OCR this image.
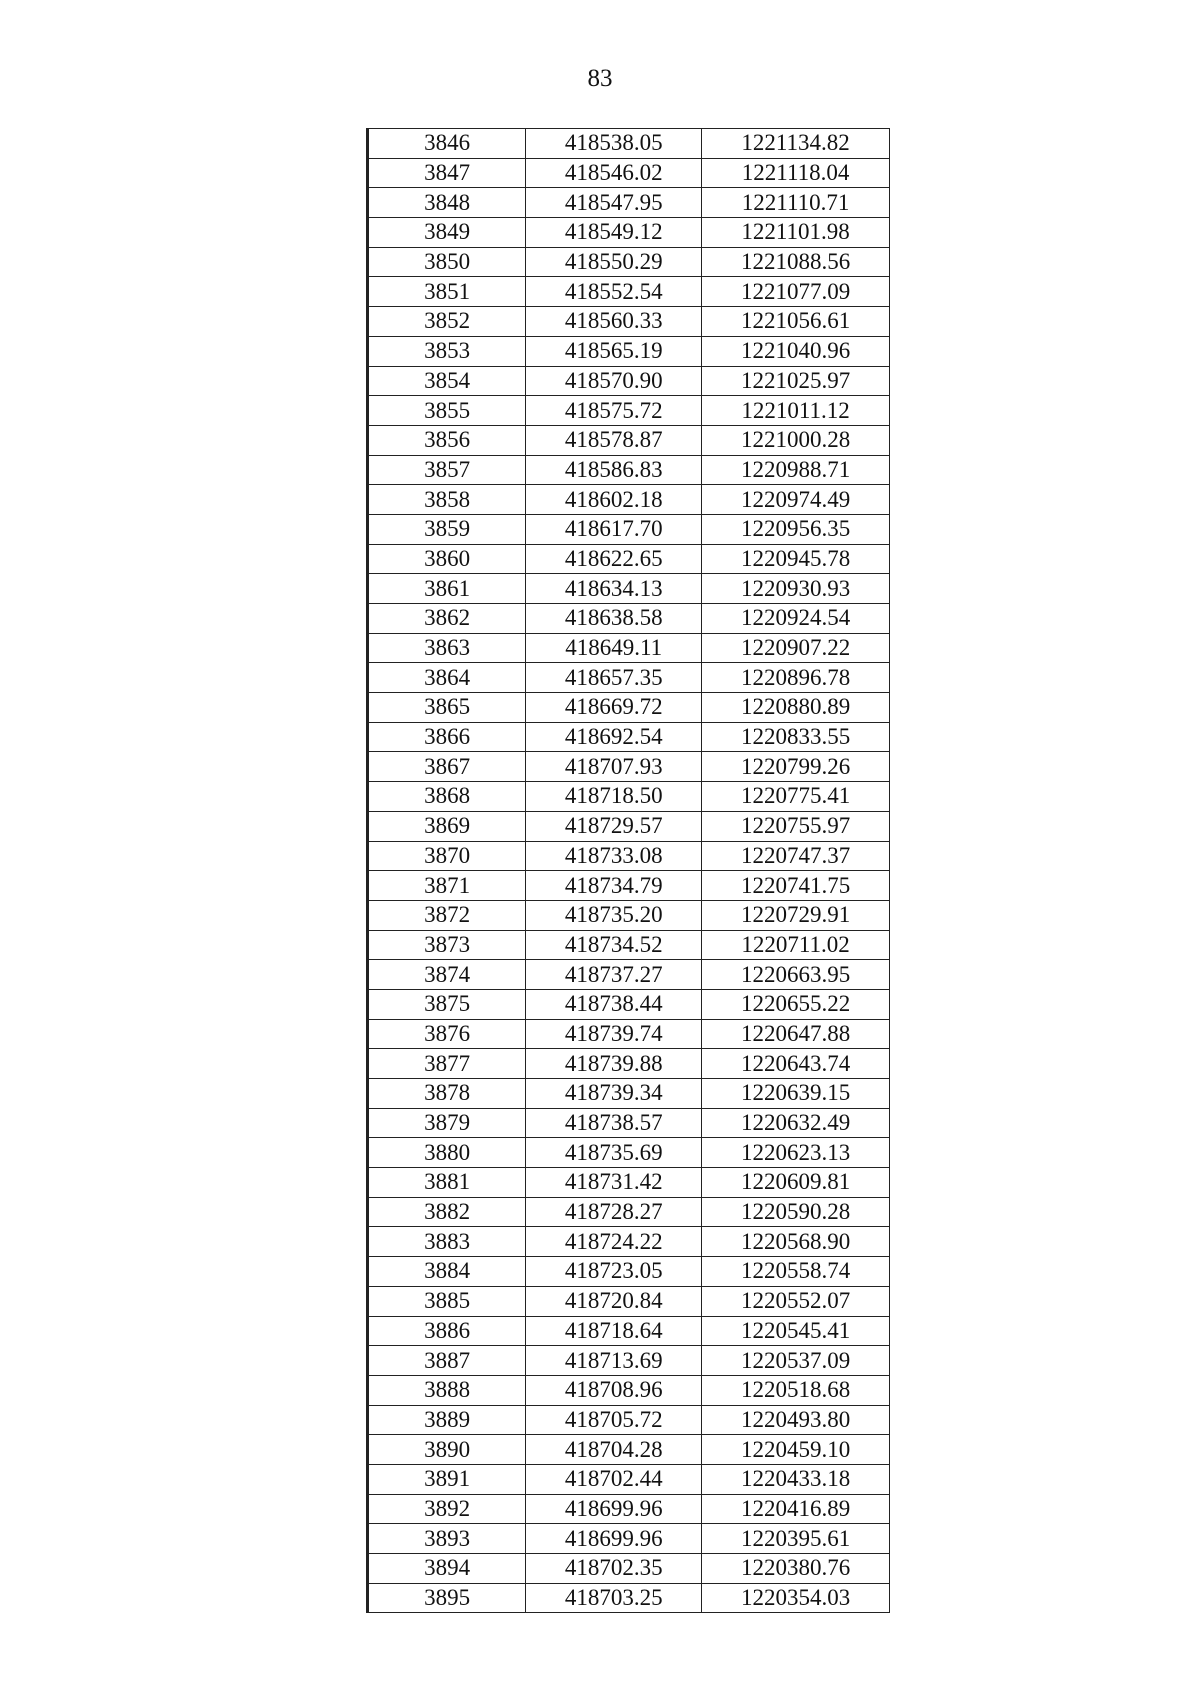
83
3846	418538.05	1221134.82
3847	418546.02	1221118.04
3848	418547.95	1221110.71
3849	418549.12	1221101.98
3850	418550.29	1221088.56
3851	418552.54	1221077.09
3852	418560.33	1221056.61
3853	418565.19	1221040.96
3854	418570.90	1221025.97
3855	418575.72	1221011.12
3856	418578.87	1221000.28
3857	418586.83	1220988.71
3858	418602.18	1220974.49
3859	418617.70	1220956.35
3860	418622.65	1220945.78
3861	418634.13	1220930.93
3862	418638.58	1220924.54
3863	418649.11	1220907.22
3864	418657.35	1220896.78
3865	418669.72	1220880.89
3866	418692.54	1220833.55
3867	418707.93	1220799.26
3868	418718.50	1220775.41
3869	418729.57	1220755.97
3870	418733.08	1220747.37
3871	418734.79	1220741.75
3872	418735.20	1220729.91
3873	418734.52	1220711.02
3874	418737.27	1220663.95
3875	418738.44	1220655.22
3876	418739.74	1220647.88
3877	418739.88	1220643.74
3878	418739.34	1220639.15
3879	418738.57	1220632.49
3880	418735.69	1220623.13
3881	418731.42	1220609.81
3882	418728.27	1220590.28
3883	418724.22	1220568.90
3884	418723.05	1220558.74
3885	418720.84	1220552.07
3886	418718.64	1220545.41
3887	418713.69	1220537.09
3888	418708.96	1220518.68
3889	418705.72	1220493.80
3890	418704.28	1220459.10
3891	418702.44	1220433.18
3892	418699.96	1220416.89
3893	418699.96	1220395.61
3894	418702.35	1220380.76
3895	418703.25	1220354.03
